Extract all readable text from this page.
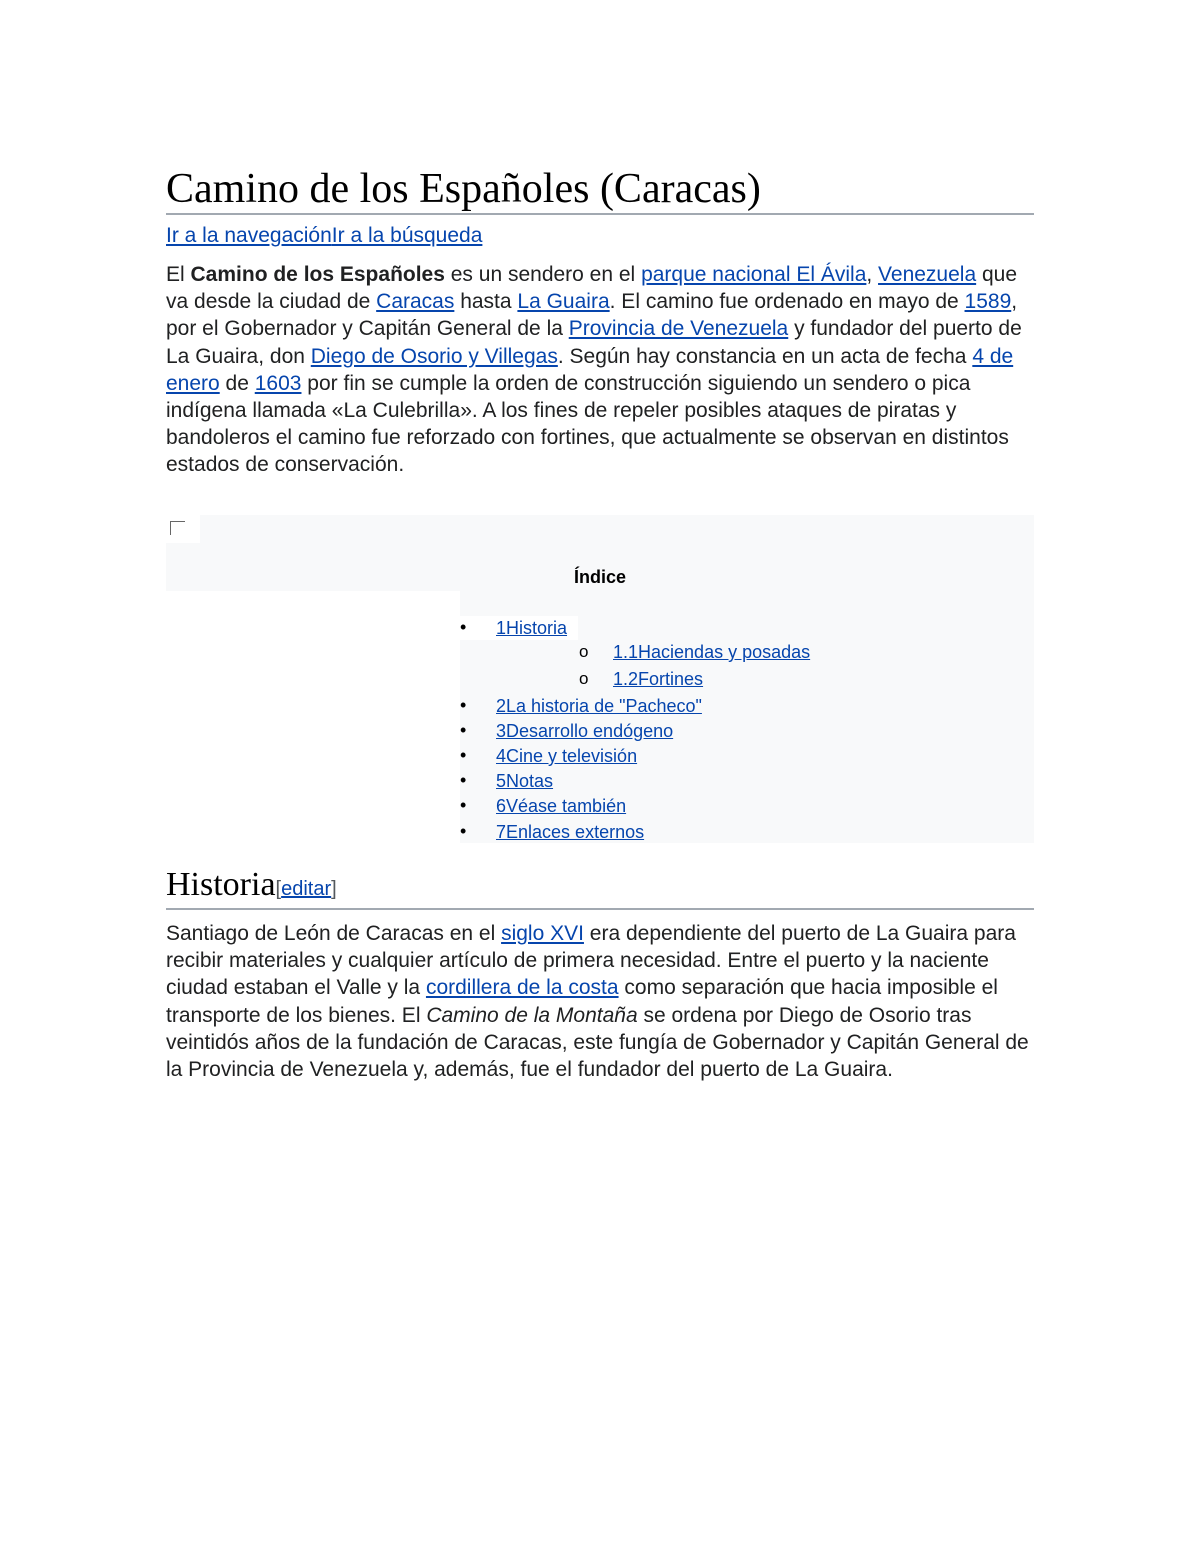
Camino de los Españoles (Caracas)
Ir a la navegaciónIr a la búsqueda

El Camino de los Españoles es un sendero en el parque nacional El Ávila, Venezuela que va desde la ciudad de Caracas hasta La Guaira. El camino fue ordenado en mayo de 1589, por el Gobernador y Capitán General de la Provincia de Venezuela y fundador del puerto de La Guaira, don Diego de Osorio y Villegas. Según hay constancia en un acta de fecha 4 de enero de 1603 por fin se cumple la orden de construcción siguiendo un sendero o pica indígena llamada «La Culebrilla». A los fines de repeler posibles ataques de piratas y bandoleros el camino fue reforzado con fortines, que actualmente se observan en distintos estados de conservación.

Índice
• 1Historia
o 1.1Haciendas y posadas
o 1.2Fortines
• 2La historia de "Pacheco"
• 3Desarrollo endógeno
• 4Cine y televisión
• 5Notas
• 6Véase también
• 7Enlaces externos
Historia[editar]

Santiago de León de Caracas en el siglo XVI era dependiente del puerto de La Guaira para recibir materiales y cualquier artículo de primera necesidad. Entre el puerto y la naciente ciudad estaban el Valle y la cordillera de la costa como separación que hacia imposible el transporte de los bienes. El Camino de la Montaña se ordena por Diego de Osorio tras veintidós años de la fundación de Caracas, este fungía de Gobernador y Capitán General de la Provincia de Venezuela y, además, fue el fundador del puerto de La Guaira.
